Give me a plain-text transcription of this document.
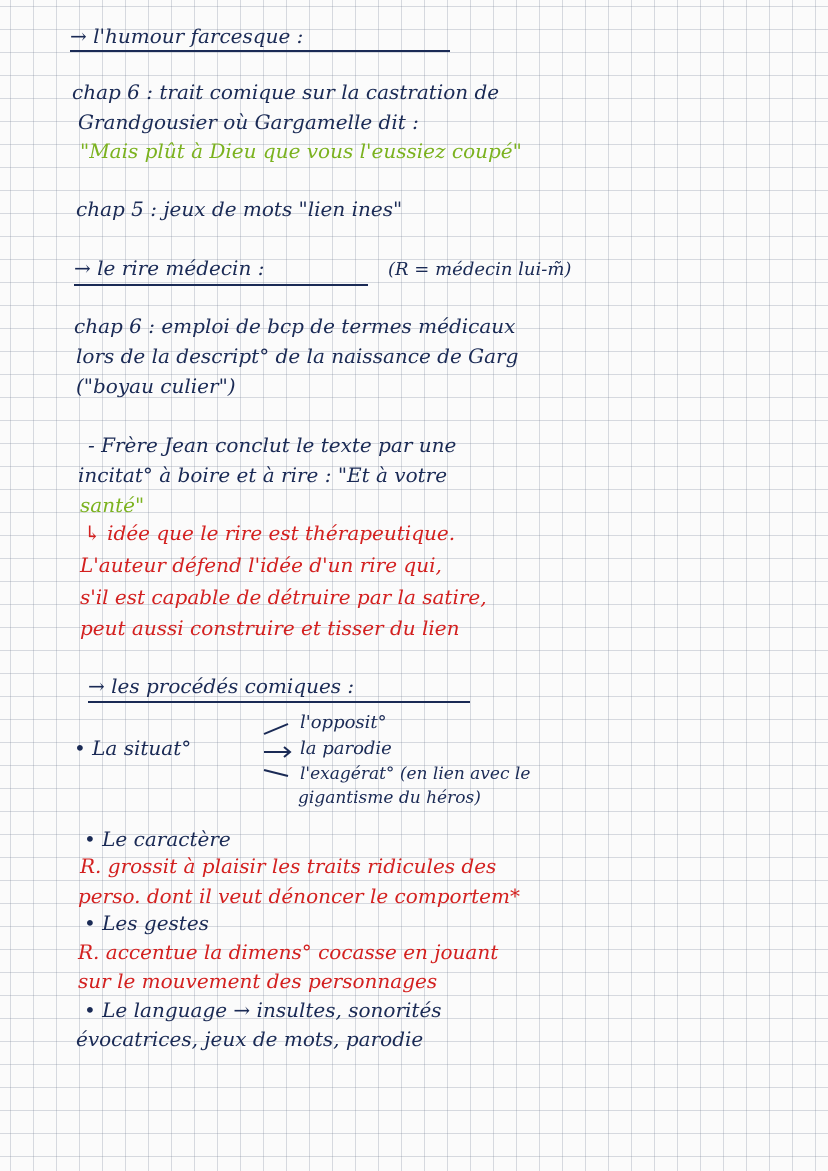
→ l'humour farcesque :
chap 6 : trait comique sur la castration de
Grandgousier où Gargamelle dit :
"Mais plût à Dieu que vous l'eussiez coupé"
chap 5 : jeux de mots "lien ines"
→ le rire médecin :	(R = médecin lui-m̃)
chap 6 : emploi de bcp de termes médicaux
lors de la descript° de la naissance de Garg
("boyau culier")
- Frère Jean conclut le texte par une
incitat° à boire et à rire : "Et à votre
santé"
↳ idée que le rire est thérapeutique.
L'auteur défend l'idée d'un rire qui,
s'il est capable de détruire par la satire,
peut aussi construire et tisser du lien
→ les procédés comiques :
• La situat°
l'opposit°
la parodie
l'exagérat° (en lien avec le
gigantisme du héros)
• Le caractère
R. grossit à plaisir les traits ridicules des
perso. dont il veut dénoncer le comportem*
• Les gestes
R. accentue la dimens° cocasse en jouant
sur le mouvement des personnages
• Le language → insultes, sonorités
évocatrices, jeux de mots, parodie
